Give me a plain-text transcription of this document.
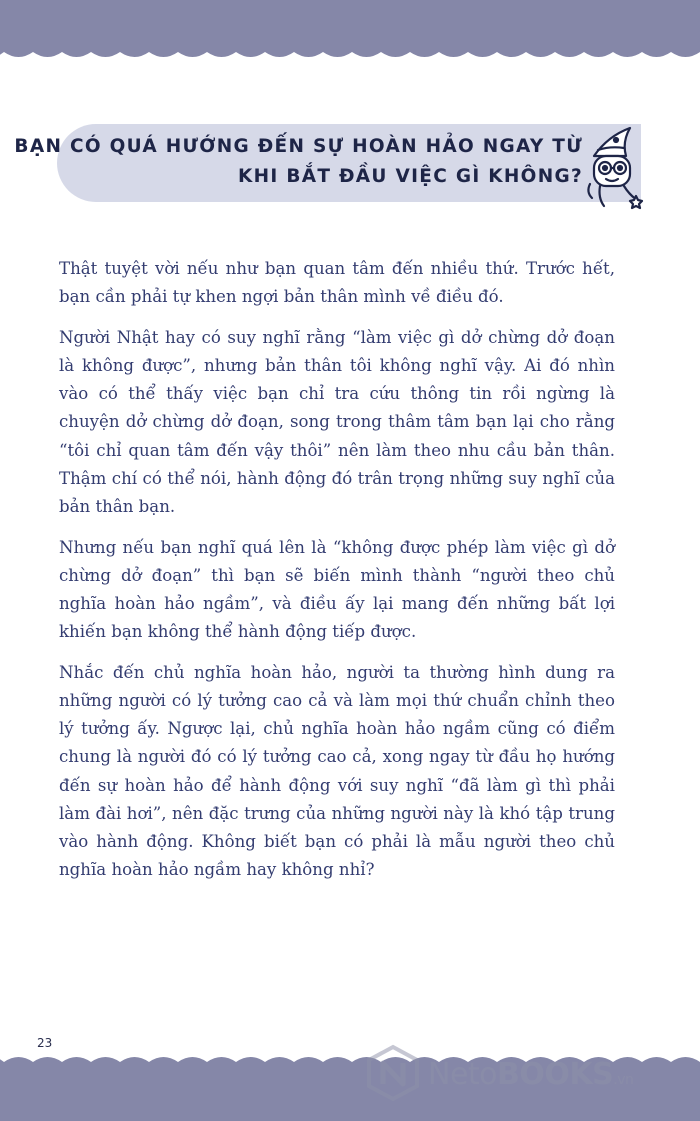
BẠN CÓ QUÁ HƯỚNG ĐẾN SỰ HOÀN HẢO NGAY TỪ
KHI BẮT ĐẦU VIỆC GÌ KHÔNG?

Thật tuyệt vời nếu như bạn quan tâm đến nhiều thứ. Trước hết, bạn cần phải tự khen ngợi bản thân mình về điều đó.

Người Nhật hay có suy nghĩ rằng “làm việc gì dở chừng dở đoạn là không được”, nhưng bản thân tôi không nghĩ vậy. Ai đó nhìn vào có thể thấy việc bạn chỉ tra cứu thông tin rồi ngừng là chuyện dở chừng dở đoạn, song trong thâm tâm bạn lại cho rằng “tôi chỉ quan tâm đến vậy thôi” nên làm theo nhu cầu bản thân. Thậm chí có thể nói, hành động đó trân trọng những suy nghĩ của bản thân bạn.

Nhưng nếu bạn nghĩ quá lên là “không được phép làm việc gì dở chừng dở đoạn” thì bạn sẽ biến mình thành “người theo chủ nghĩa hoàn hảo ngầm”, và điều ấy lại mang đến những bất lợi khiến bạn không thể hành động tiếp được.

Nhắc đến chủ nghĩa hoàn hảo, người ta thường hình dung ra những người có lý tưởng cao cả và làm mọi thứ chuẩn chỉnh theo lý tưởng ấy. Ngược lại, chủ nghĩa hoàn hảo ngầm cũng có điểm chung là người đó có lý tưởng cao cả, xong ngay từ đầu họ hướng đến sự hoàn hảo để hành động với suy nghĩ “đã làm gì thì phải làm đài hơi”, nên đặc trưng của những người này là khó tập trung vào hành động. Không biết bạn có phải là mẫu người theo chủ nghĩa hoàn hảo ngầm hay không nhỉ?

23
NetoBOOKS.vn
